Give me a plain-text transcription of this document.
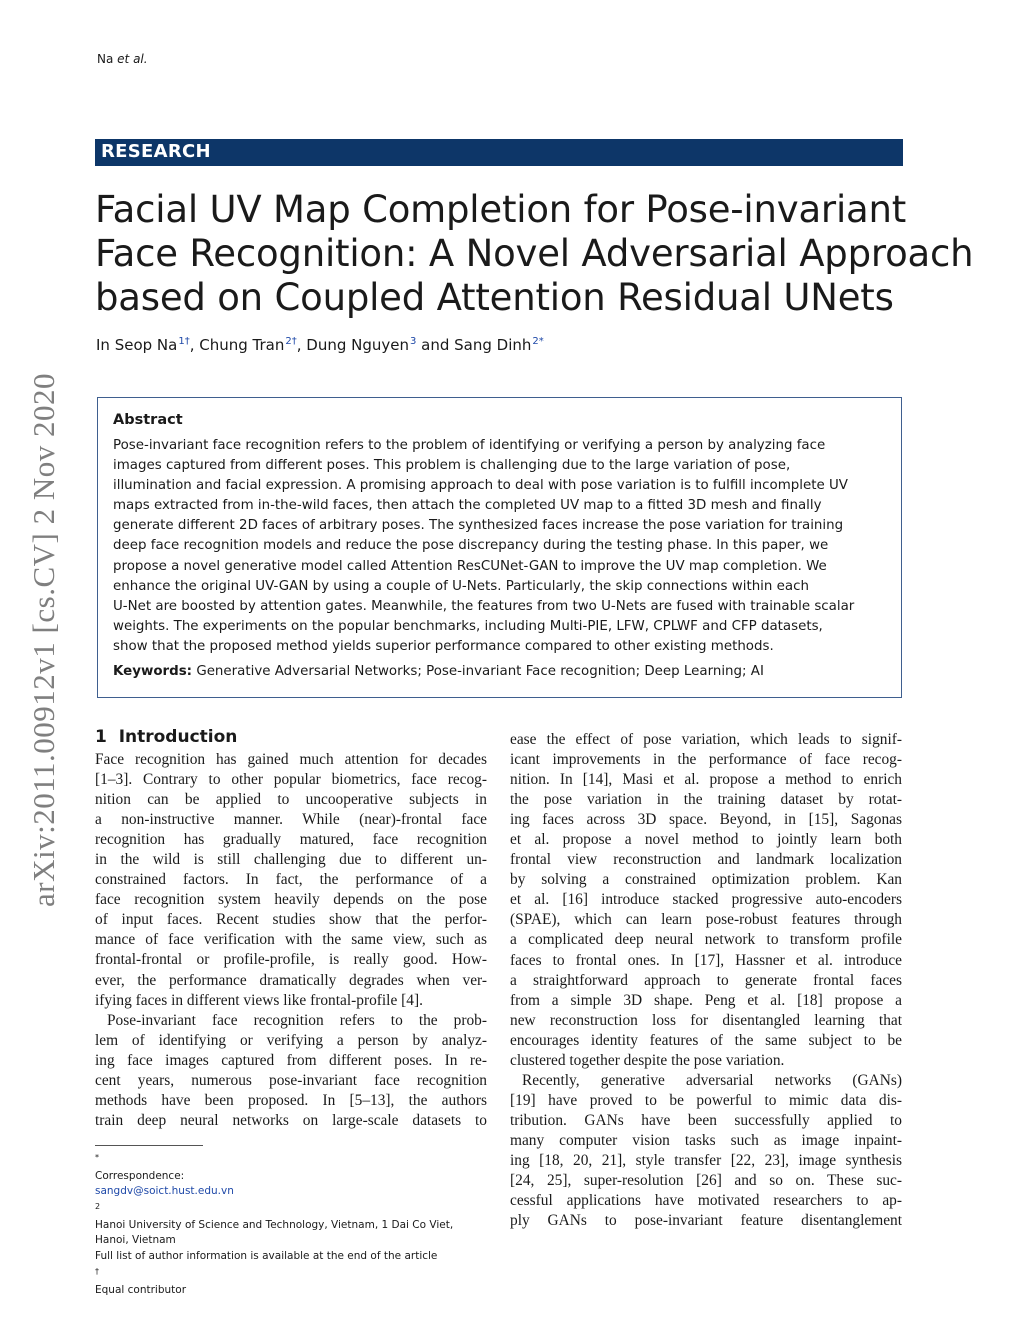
Na et al.
RESEARCH
Facial UV Map Completion for Pose-invariant
Face Recognition: A Novel Adversarial Approach
based on Coupled Attention Residual UNets
In Seop $Na^{1\dagger}$, Chung Tran$^{2\dagger}$, Dung Nguyen$^3$ and Sang Dinh$^{2*}$
arXiv:2011.00912v1 [cs.CV] 2 Nov 2020	Abstract
Pose-invariant face recognition refers to the problem of identifying or verifying a person by analyzing face
images captured from different poses. This problem is challenging due to the large variation of pose,
illumination and facial expression. A promising approach to deal with pose variation is to fulfill incomplete UV
maps extracted from in-the-wild faces, then attach the completed UV map to a fitted 3D mesh and finally
generate different 2D faces of arbitrary poses. The synthesized faces increase the pose variation for training
deep face recognition models and reduce the pose discrepancy during the testing phase. In this paper, we
propose a novel generative model called Attention ResCUNet-GAN to improve the UV map completion. We
enhance the original UV-GAN by using a couple of U-Nets. Particularly, the skip connections within each
U-Net are boosted by attention gates. Meanwhile, the features from two U-Nets are fused with trainable scalar
weights. The experiments on the popular benchmarks, including Multi-PIE, LFW, CPLWF and CFP datasets,
show that the proposed method yields superior performance compared to other existing methods.
Keywords: Generative Adversarial Networks; Pose-invariant Face recognition; Deep Learning; AI
1 Introduction
Face recognition has gained much attention for decades
[1–3]. Contrary to other popular biometrics, face recog-
nition can be applied to uncooperative subjects in
a non-instructive manner. While (near)-frontal face
recognition has gradually matured, face recognition
in the wild is still challenging due to different un-
constrained factors. In fact, the performance of a
face recognition system heavily depends on the pose
of input faces. Recent studies show that the perfor-
mance of face verification with the same view, such as
frontal-frontal or profile-profile, is really good. How-
ever, the performance dramatically degrades when ver-
ifying faces in different views like frontal-profile [4].
Pose-invariant face recognition refers to the prob-
lem of identifying or verifying a person by analyz-
ing face images captured from different poses. In re-
cent years, numerous pose-invariant face recognition
methods have been proposed. In [5–13], the authors
train deep neural networks on large-scale datasets to
ease the effect of pose variation, which leads to signif-
icant improvements in the performance of face recog-
nition. In [14], Masi et al. propose a method to enrich
the pose variation in the training dataset by rotat-
ing faces across 3D space. Beyond, in [15], Sagonas
et al. propose a novel method to jointly learn both
frontal view reconstruction and landmark localization
by solving a constrained optimization problem. Kan
et al. [16] introduce stacked progressive auto-encoders
(SPAE), which can learn pose-robust features through
a complicated deep neural network to transform profile
faces to frontal ones. In [17], Hassner et al. introduce
a straightforward approach to generate frontal faces
from a simple 3D shape. Peng et al. [18] propose a
new reconstruction loss for disentangled learning that
encourages identity features of the same subject to be
clustered together despite the pose variation.
Recently, generative adversarial networks (GANs)
[19] have proved to be powerful to mimic data dis-
tribution. GANs have been successfully applied to
many computer vision tasks such as image inpaint-
ing [18, 20, 21], style transfer [22, 23], image synthesis
[24, 25], super-resolution [26] and so on. These suc-
cessful applications have motivated researchers to ap-
ply GANs to pose-invariant feature disentanglement
*
Correspondence:
sangdv@soict.hust.edu.vn
$^2$
Hanoi University of Science and Technology, Vietnam, 1 Dai Co Viet,
Hanoi, Vietnam
Full list of author information is available at the end of the article
†
Equal contributor
